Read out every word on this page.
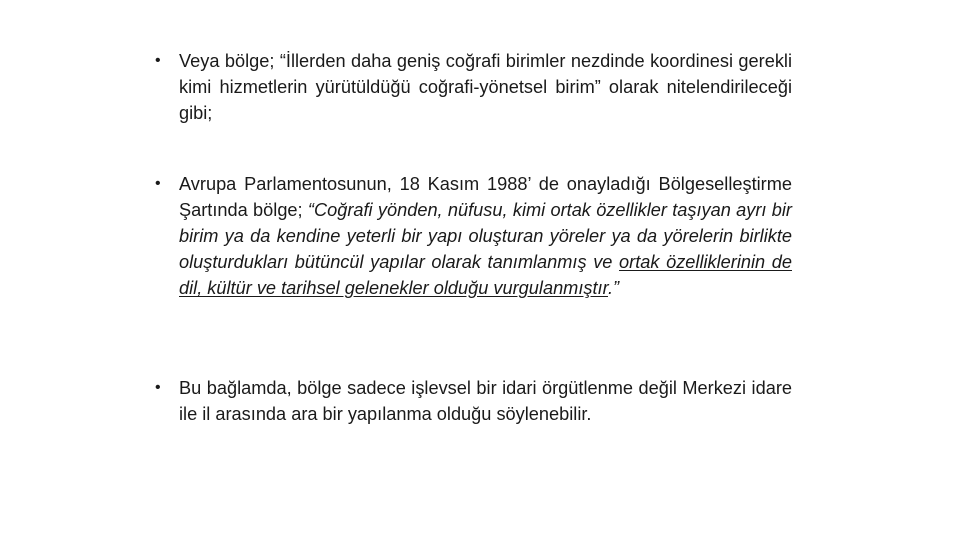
•	Veya bölge; “İllerden daha geniş coğrafi birimler nezdinde koordinesi gerekli kimi hizmetlerin yürütüldüğü coğrafi-yönetsel birim” olarak nitelendirileceği gibi;
•	Avrupa Parlamentosunun, 18 Kasım 1988’ de onayladığı Bölgeselleştirme Şartında bölge; “Coğrafi yönden, nüfusu, kimi ortak özellikler taşıyan ayrı bir birim ya da kendine yeterli bir yapı oluşturan yöreler ya da yörelerin birlikte oluşturdukları bütüncül yapılar olarak tanımlanmış ve ortak özelliklerinin de dil, kültür ve tarihsel gelenekler olduğu vurgulanmıştır.”
•	Bu bağlamda, bölge sadece işlevsel bir idari örgütlenme değil Merkezi idare ile il arasında ara bir yapılanma olduğu söylenebilir.
